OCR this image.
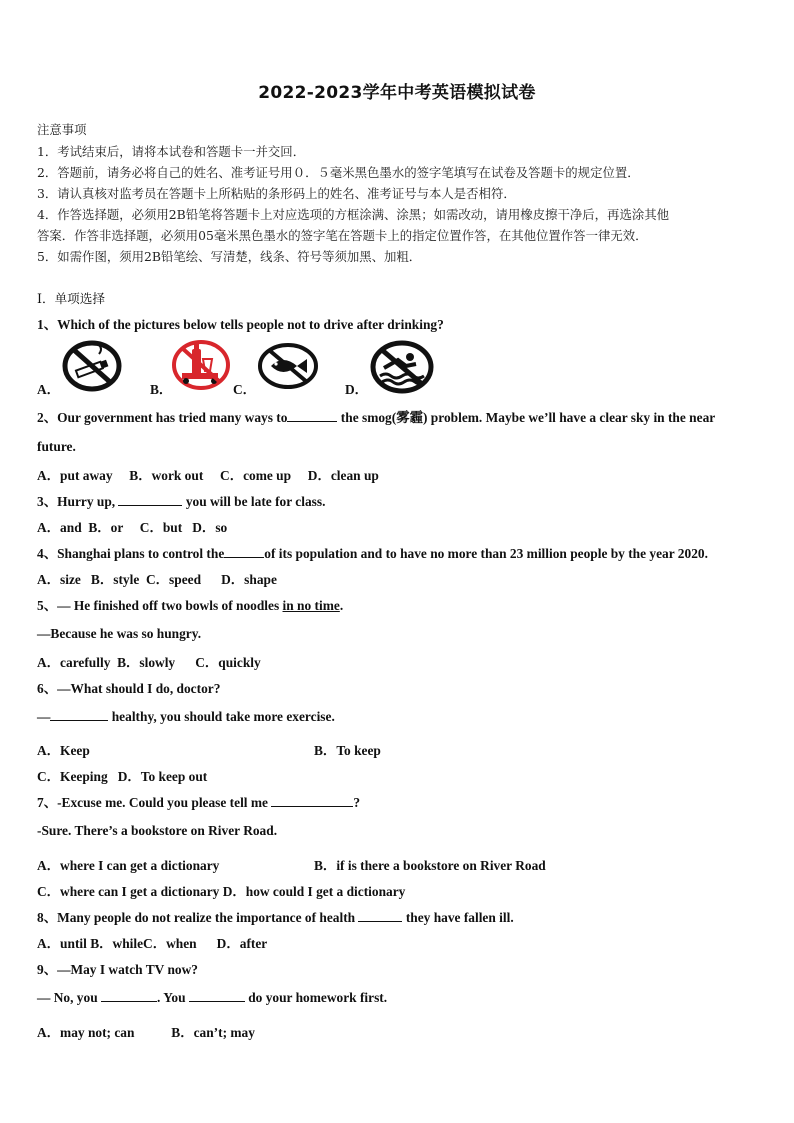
2022-2023学年中考英语模拟试卷
注意事项
1．考试结束后，请将本试卷和答题卡一并交回．
2．答题前，请务必将自己的姓名、准考证号用０．５毫米黑色墨水的签字笔填写在试卷及答题卡的规定位置．
3．请认真核对监考员在答题卡上所粘贴的条形码上的姓名、准考证号与本人是否相符．
4．作答选择题，必须用2B铅笔将答题卡上对应选项的方框涂满、涂黑；如需改动，请用橡皮擦干净后，再选涂其他
答案．作答非选择题，必须用05毫米黑色墨水的签字笔在答题卡上的指定位置作答，在其他位置作答一律无效．
5．如需作图，须用2B铅笔绘、写清楚，线条、符号等须加黑、加粗．
Ⅰ．单项选择
1、Which of the pictures below tells people not to drive after drinking?
A．	B．	C．	D．
2、Our government has tried many ways to	the smog(雾霾) problem. Maybe we’ll have a clear sky in the near
future.
A．put away     B．work out     C．come up     D．clean up
3、Hurry up,	you will be late for class.
A．and  B．or     C．but   D．so
4、Shanghai plans to control the	of its population and to have no more than 23 million people by the year 2020.
A．size   B．style  C．speed      D．shape
5、— He finished off two bowls of noodles in no time.
—Because he was so hungry.
A．carefully  B．slowly      C．quickly
6、—What should I do, doctor?
—	healthy, you should take more exercise.
A．Keep	B．To keep
C．Keeping   D．To keep out
7、-Excuse me. Could you please tell me	?
-Sure. There’s a bookstore on River Road.
A．where I can get a dictionary	B．if is there a bookstore on River Road
C．where can I get a dictionary D．how could I get a dictionary
8、Many people do not realize the importance of health	they have fallen ill.
A．until B．whileC．when      D．after
9、—May I watch TV now?
— No, you	. You	do your homework first.
A．may not; can           B．can’t; may
